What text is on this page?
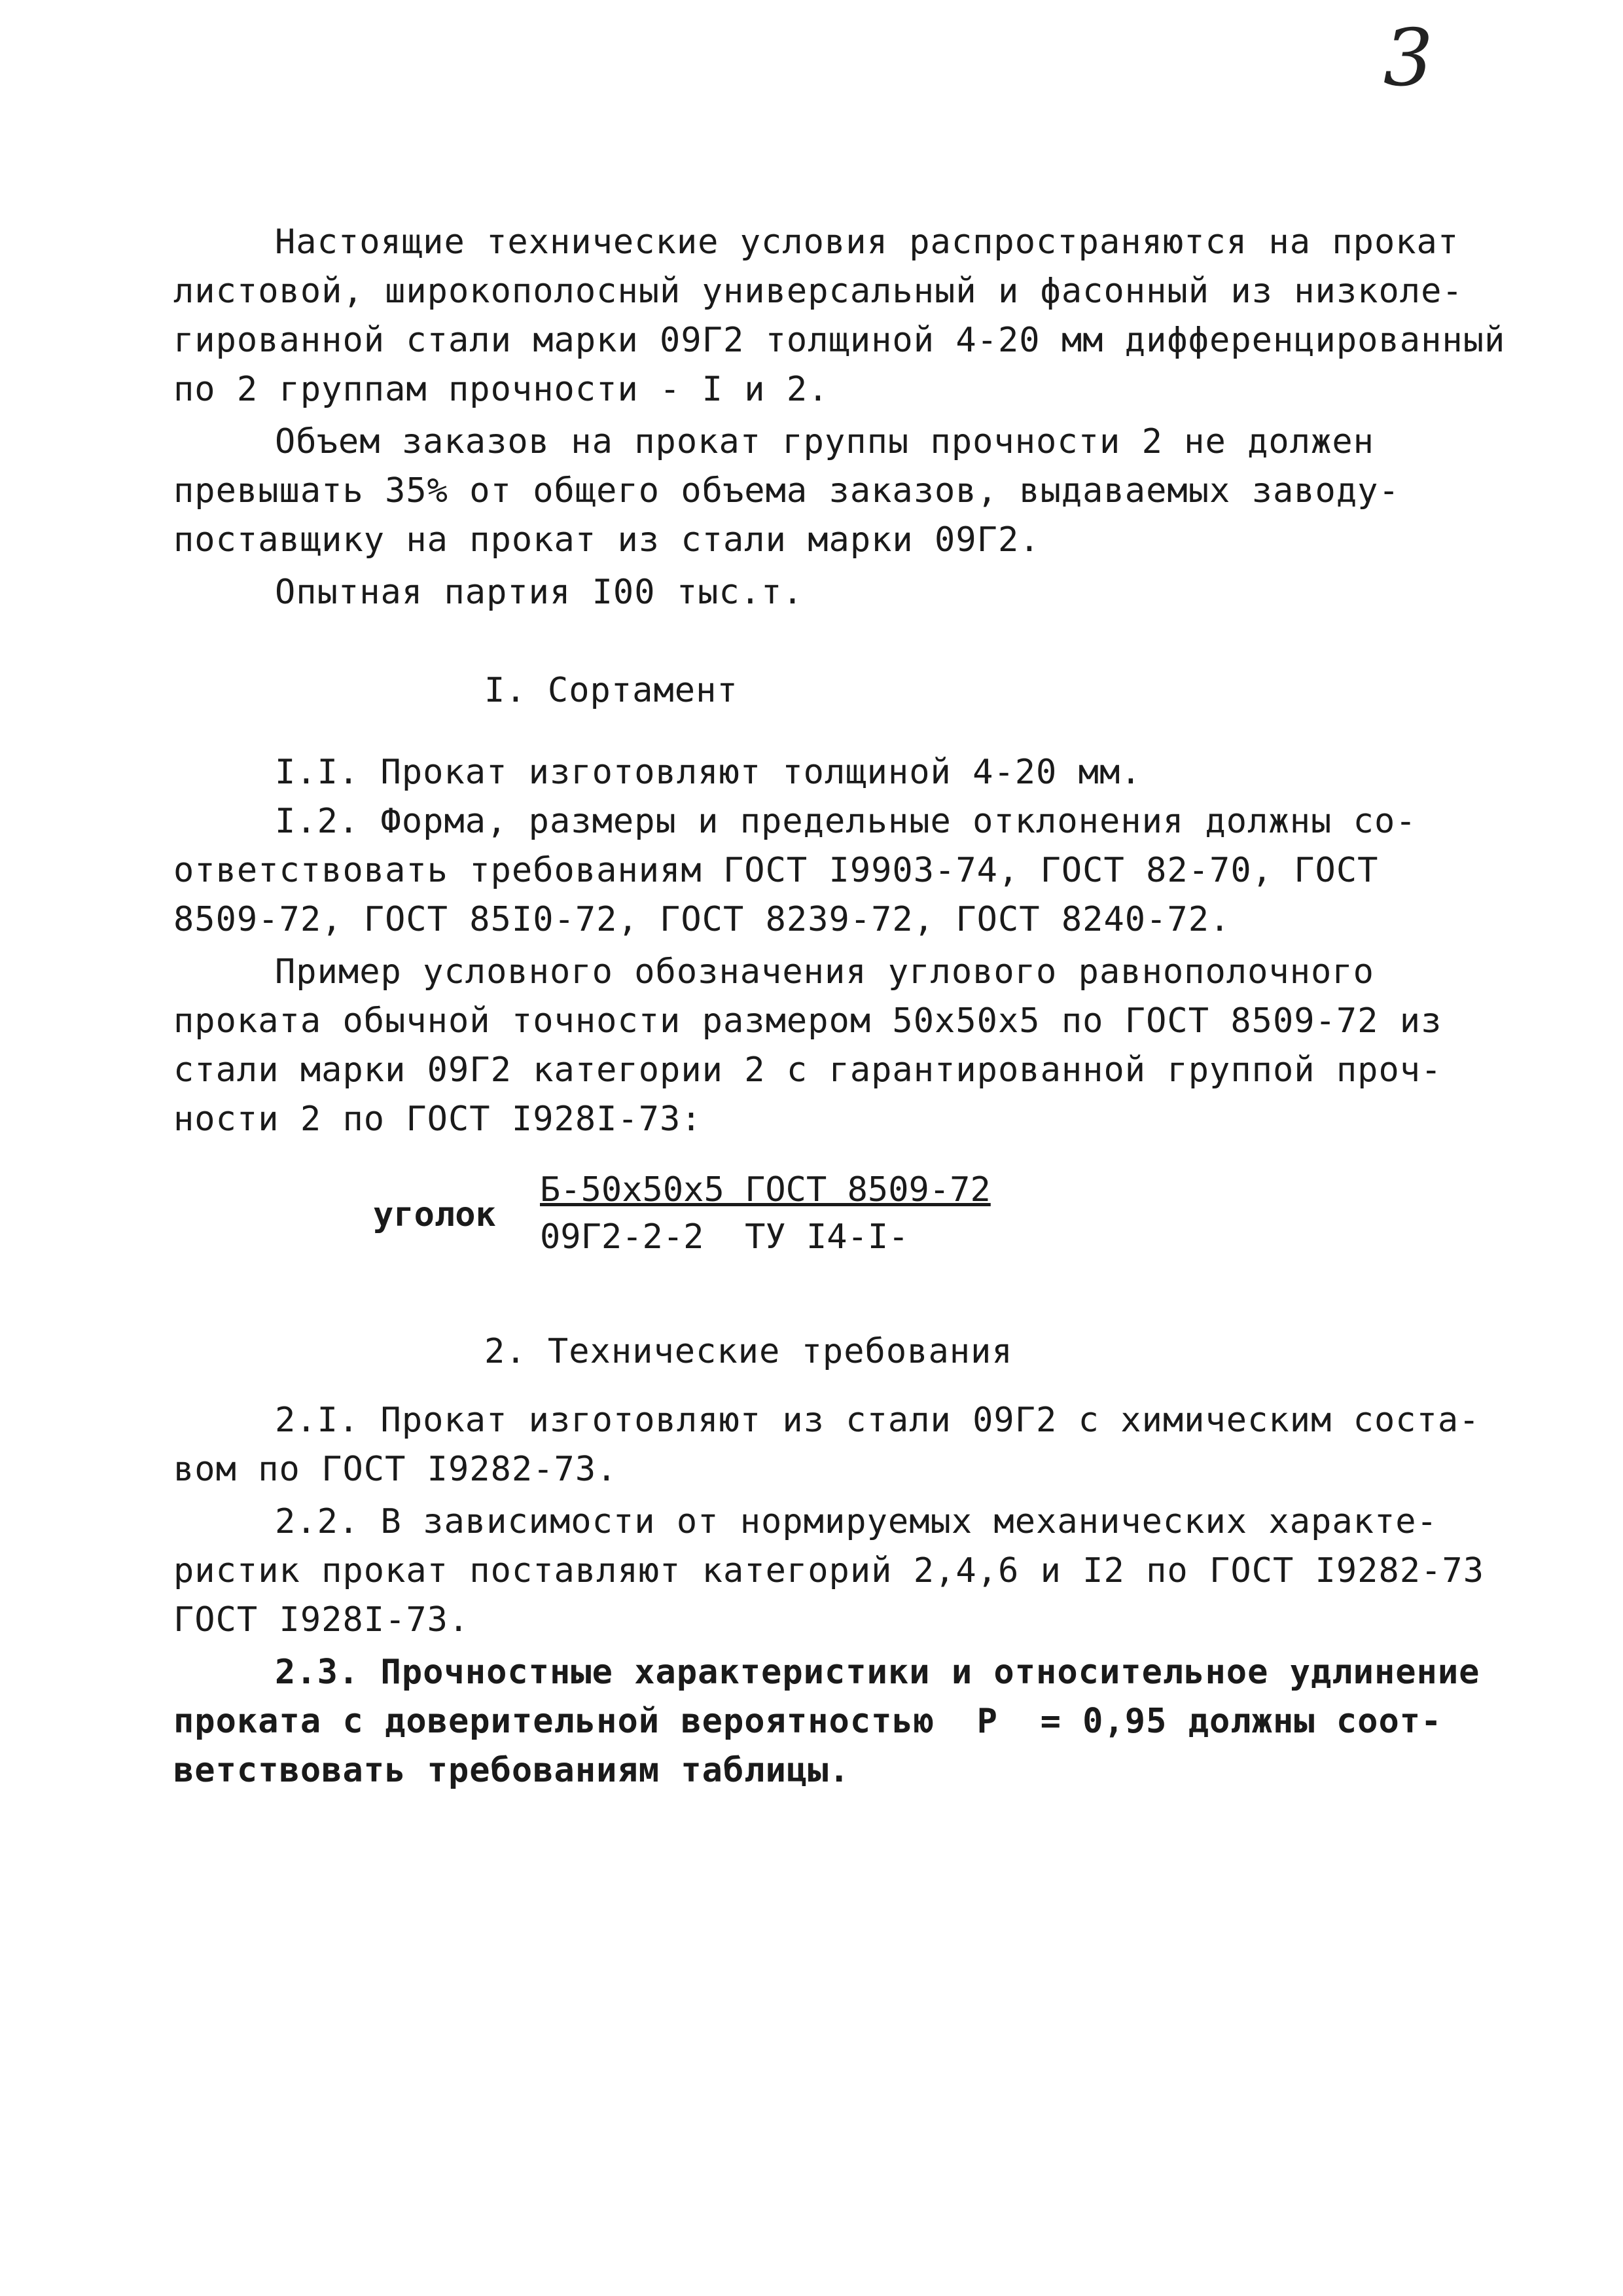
3
Настоящие технические условия распространяются на прокат
листовой, широкополосный универсальный и фасонный из низколе-
гированной стали марки 09Г2 толщиной 4-20 мм дифференцированный
по 2 группам прочности - I и 2.
Объем заказов на прокат группы прочности 2 не должен
превышать 35% от общего объема заказов, выдаваемых заводу-
поставщику на прокат из стали марки 09Г2.
Опытная партия I00 тыс.т.
I. Сортамент
I.I. Прокат изготовляют толщиной 4-20 мм.
I.2. Форма, размеры и предельные отклонения должны со-
ответствовать требованиям ГОСТ I9903-74, ГОСТ 82-70, ГОСТ
8509-72, ГОСТ 85I0-72, ГОСТ 8239-72, ГОСТ 8240-72.
Пример условного обозначения углового равнополочного
проката обычной точности размером 50х50х5 по ГОСТ 8509-72 из
стали марки 09Г2 категории 2 с гарантированной группой проч-
ности 2 по ГОСТ I928I-73:
уголок
Б-50х50х5 ГОСТ 8509-72
09Г2-2-2  ТУ I4-I-
2. Технические требования
2.I. Прокат изготовляют из стали 09Г2 с химическим соста-
вом по ГОСТ I9282-73.
2.2. В зависимости от нормируемых механических характе-
ристик прокат поставляют категорий 2,4,6 и I2 по ГОСТ I9282-73
ГОСТ I928I-73.
2.3. Прочностные характеристики и относительное удлинение
проката с доверительной вероятностью  P  = 0,95 должны соот-
ветствовать требованиям таблицы.
